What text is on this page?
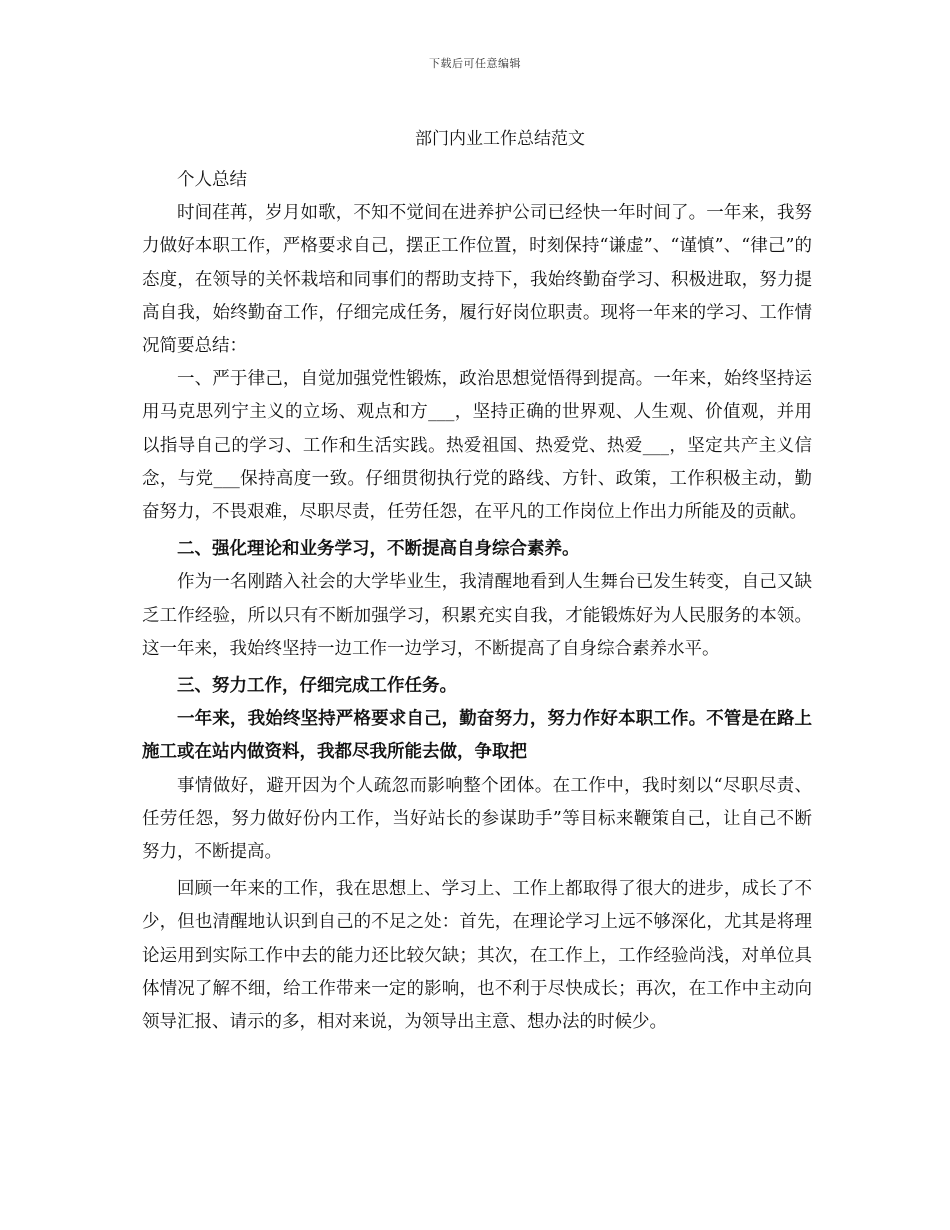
下载后可任意编辑
部门内业工作总结范文

个人总结

时间荏苒，岁月如歌，不知不觉间在进养护公司已经快一年时间了。一年来，我努力做好本职工作，严格要求自己，摆正工作位置，时刻保持“谦虚”、“谨慎”、“律己”的态度，在领导的关怀栽培和同事们的帮助支持下，我始终勤奋学习、积极进取，努力提高自我，始终勤奋工作，仔细完成任务，履行好岗位职责。现将一年来的学习、工作情况简要总结：

一、严于律己，自觉加强党性锻炼，政治思想觉悟得到提高。一年来，始终坚持运用马克思列宁主义的立场、观点和方___，坚持正确的世界观、人生观、价值观，并用以指导自己的学习、工作和生活实践。热爱祖国、热爱党、热爱___，坚定共产主义信念，与党___保持高度一致。仔细贯彻执行党的路线、方针、政策，工作积极主动，勤奋努力，不畏艰难，尽职尽责，任劳任怨，在平凡的工作岗位上作出力所能及的贡献。

二、强化理论和业务学习，不断提高自身综合素养。

作为一名刚踏入社会的大学毕业生，我清醒地看到人生舞台已发生转变，自己又缺乏工作经验，所以只有不断加强学习，积累充实自我，才能锻炼好为人民服务的本领。这一年来，我始终坚持一边工作一边学习，不断提高了自身综合素养水平。

三、努力工作，仔细完成工作任务。

一年来，我始终坚持严格要求自己，勤奋努力，努力作好本职工作。不管是在路上施工或在站内做资料，我都尽我所能去做，争取把

事情做好，避开因为个人疏忽而影响整个团体。在工作中，我时刻以“尽职尽责、任劳任怨，努力做好份内工作，当好站长的参谋助手”等目标来鞭策自己，让自己不断努力，不断提高。

回顾一年来的工作，我在思想上、学习上、工作上都取得了很大的进步，成长了不少，但也清醒地认识到自己的不足之处：首先，在理论学习上远不够深化，尤其是将理论运用到实际工作中去的能力还比较欠缺；其次，在工作上，工作经验尚浅，对单位具体情况了解不细，给工作带来一定的影响，也不利于尽快成长；再次，在工作中主动向领导汇报、请示的多，相对来说，为领导出主意、想办法的时候少。
